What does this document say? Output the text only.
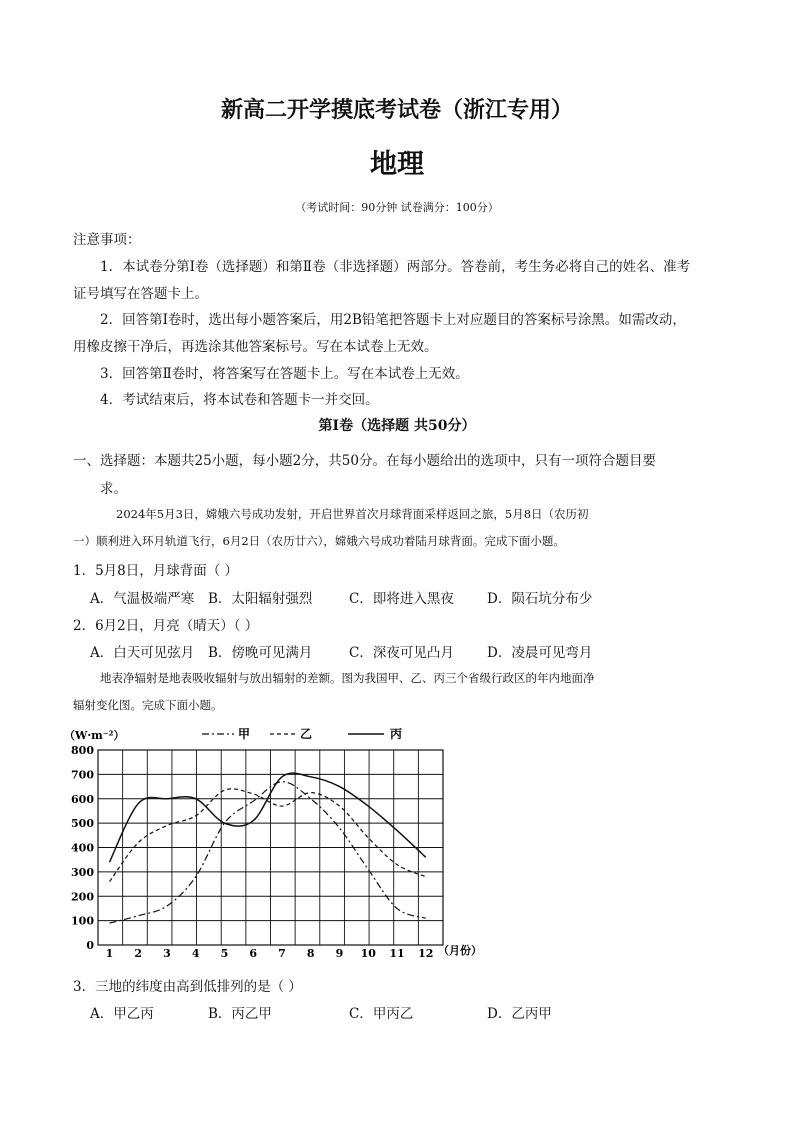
新高二开学摸底考试卷（浙江专用）
地理
（考试时间：90分钟 试卷满分：100分）
注意事项：
1．本试卷分第Ⅰ卷（选择题）和第Ⅱ卷（非选择题）两部分。答卷前，考生务必将自己的姓名、准考
证号填写在答题卡上。
2．回答第Ⅰ卷时，选出每小题答案后，用2B铅笔把答题卡上对应题目的答案标号涂黑。如需改动，
用橡皮擦干净后，再选涂其他答案标号。写在本试卷上无效。
3．回答第Ⅱ卷时，将答案写在答题卡上。写在本试卷上无效。
4．考试结束后，将本试卷和答题卡一并交回。
第Ⅰ卷（选择题 共50分）
一、选择题：本题共25小题，每小题2分，共50分。在每小题给出的选项中，只有一项符合题目要
求。
2024年5月3日，嫦娥六号成功发射，开启世界首次月球背面采样返回之旅，5月8日（农历初
一）顺利进入环月轨道飞行，6月2日（农历廿六），嫦娥六号成功着陆月球背面。完成下面小题。
1．5月8日，月球背面（ ）
A．气温极端严寒 B．太阳辐射强烈	C．即将进入黑夜 D．陨石坑分布少
2．6月2日，月亮（晴天）（ ）
A．白天可见弦月 B．傍晚可见满月	C．深夜可见凸月 D．凌晨可见弯月
地表净辐射是地表吸收辐射与放出辐射的差额。图为我国甲、乙、丙三个省级行政区的年内地面净
辐射变化图。完成下面小题。
0
100
200
300
400
500
600
700
800
1 2 3 4 5 6 7 8 9 10 11 12
（W·m⁻²）
（月份）
甲	乙	丙
3．三地的纬度由高到低排列的是（ ）
A．甲乙丙	B．丙乙甲	C．甲丙乙	D．乙丙甲
